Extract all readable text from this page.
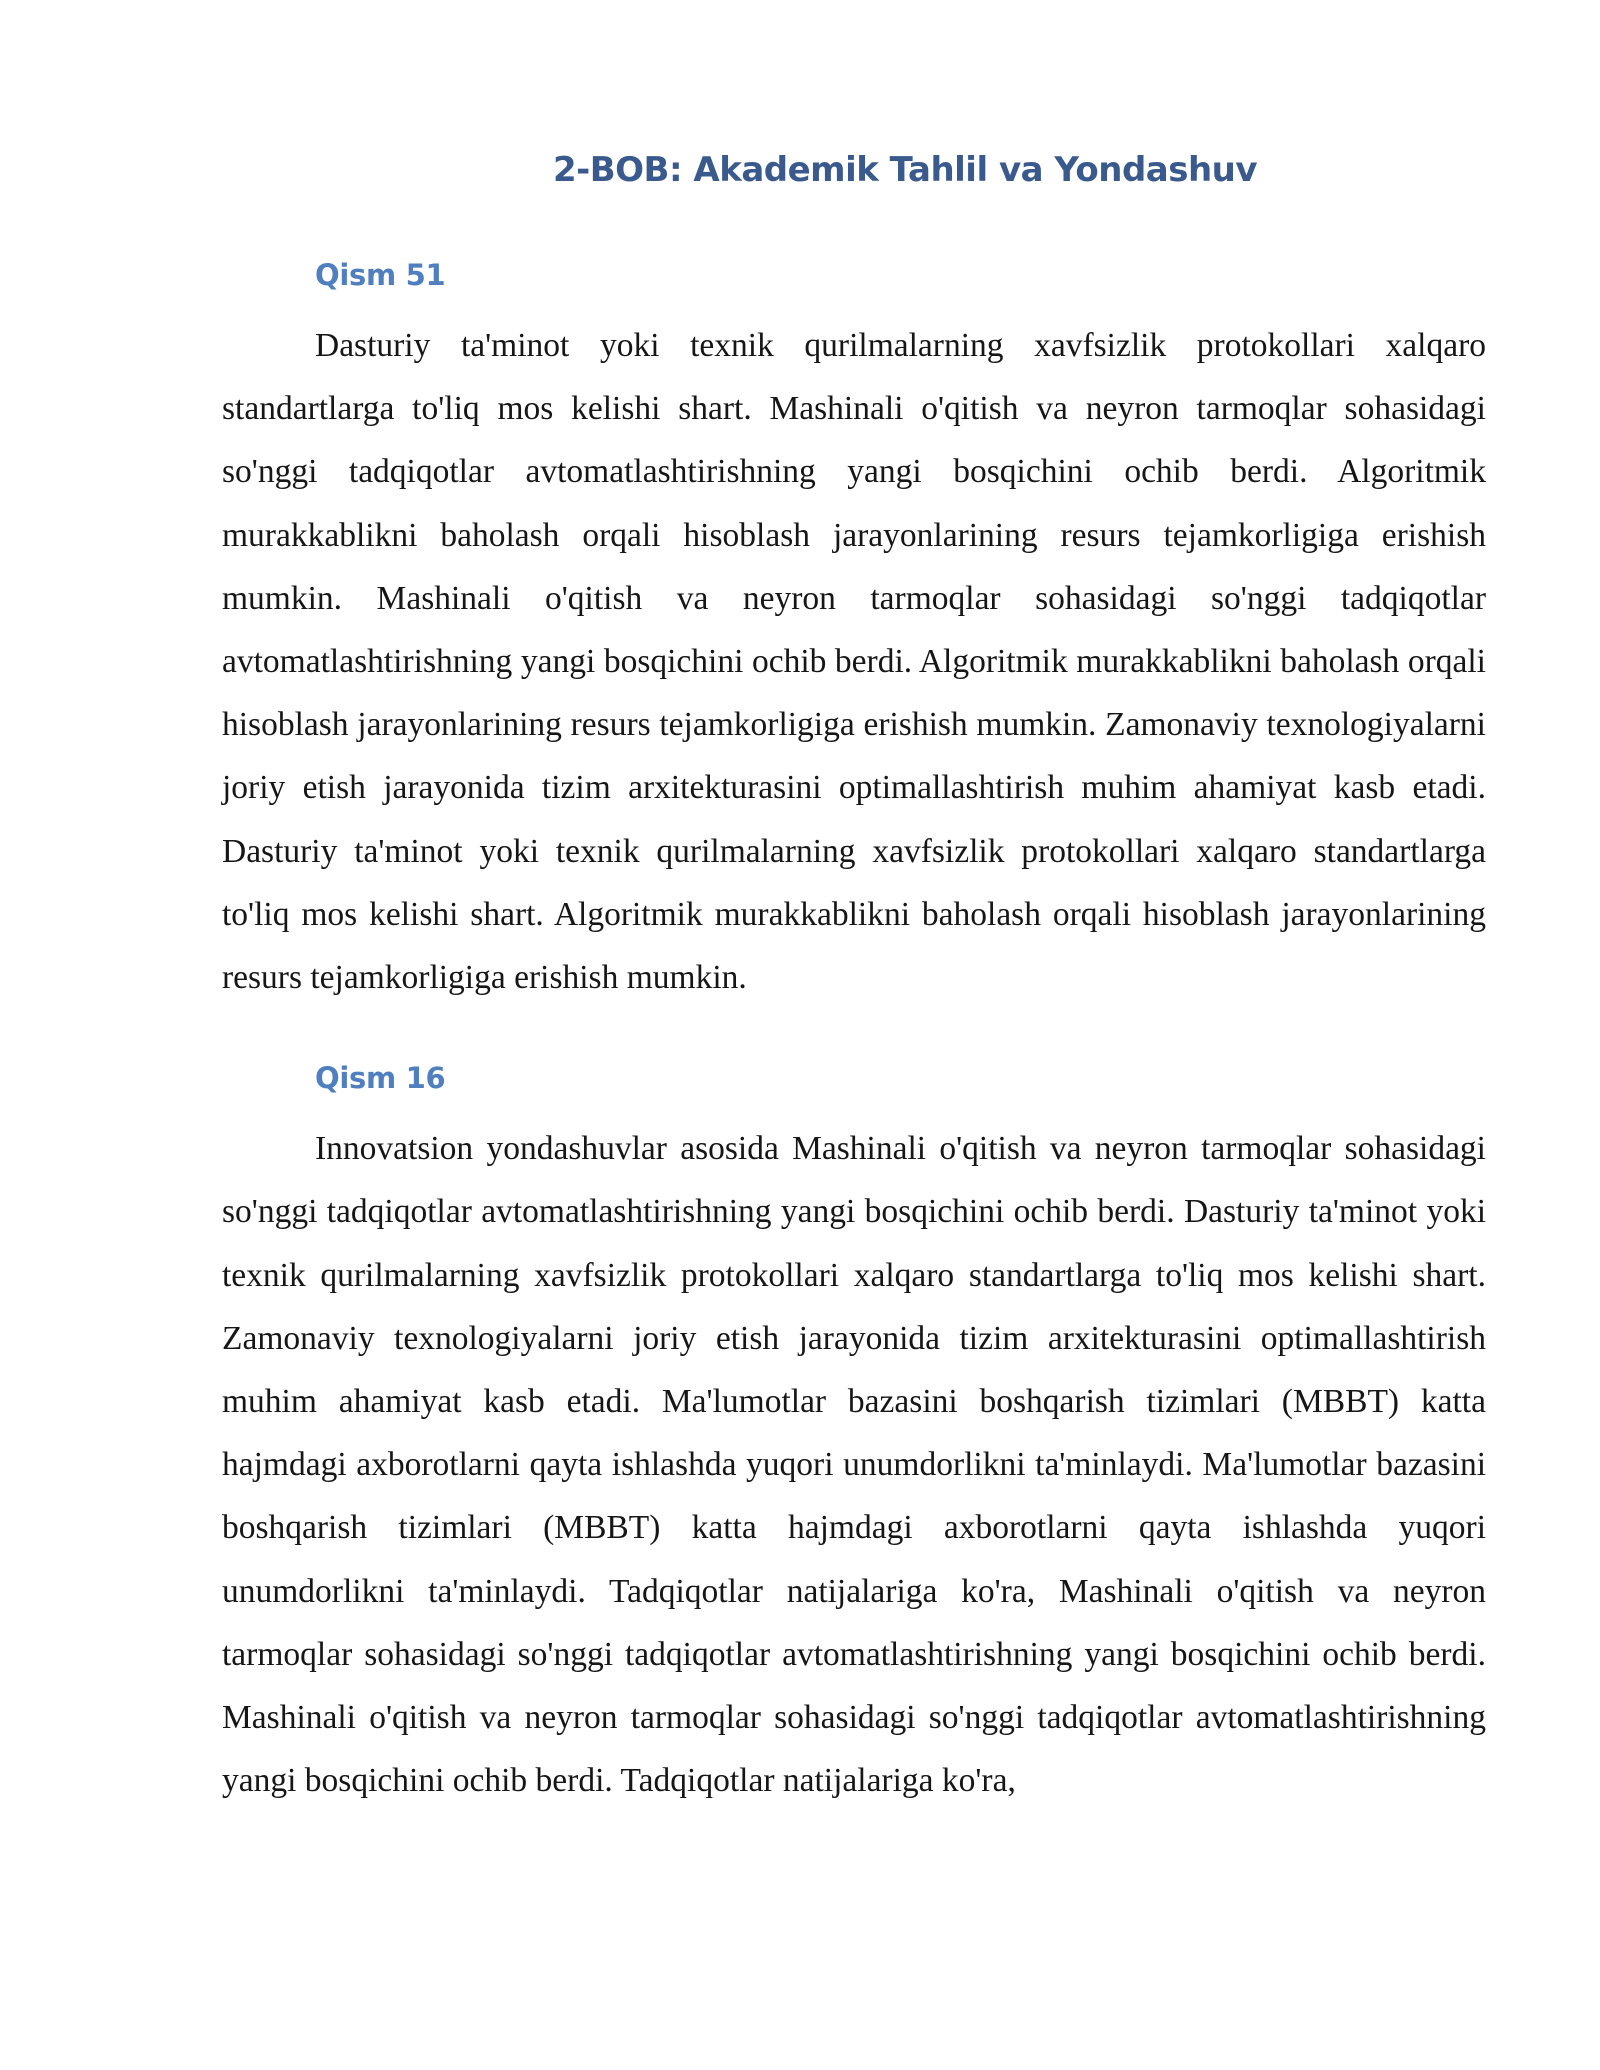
2-BOB: Akademik Tahlil va Yondashuv
Qism 51

Dasturiy ta'minot yoki texnik qurilmalarning xavfsizlik protokollari xalqaro standartlarga to'liq mos kelishi shart. Mashinali o'qitish va neyron tarmoqlar sohasidagi so'nggi tadqiqotlar avtomatlashtirishning yangi bosqichini ochib berdi. Algoritmik murakkablikni baholash orqali hisoblash jarayonlarining resurs tejamkorligiga erishish mumkin. Mashinali o'qitish va neyron tarmoqlar sohasidagi so'nggi tadqiqotlar avtomatlashtirishning yangi bosqichini ochib berdi. Algoritmik murakkablikni baholash orqali hisoblash jarayonlarining resurs tejamkorligiga erishish mumkin. Zamonaviy texnologiyalarni joriy etish jarayonida tizim arxitekturasini optimallashtirish muhim ahamiyat kasb etadi. Dasturiy ta'minot yoki texnik qurilmalarning xavfsizlik protokollari xalqaro standartlarga to'liq mos kelishi shart. Algoritmik murakkablikni baholash orqali hisoblash jarayonlarining resurs tejamkorligiga erishish mumkin.

Qism 16

Innovatsion yondashuvlar asosida Mashinali o'qitish va neyron tarmoqlar sohasidagi so'nggi tadqiqotlar avtomatlashtirishning yangi bosqichini ochib berdi. Dasturiy ta'minot yoki texnik qurilmalarning xavfsizlik protokollari xalqaro standartlarga to'liq mos kelishi shart. Zamonaviy texnologiyalarni joriy etish jarayonida tizim arxitekturasini optimallashtirish muhim ahamiyat kasb etadi. Ma'lumotlar bazasini boshqarish tizimlari (MBBT) katta hajmdagi axborotlarni qayta ishlashda yuqori unumdorlikni ta'minlaydi. Ma'lumotlar bazasini boshqarish tizimlari (MBBT) katta hajmdagi axborotlarni qayta ishlashda yuqori unumdorlikni ta'minlaydi. Tadqiqotlar natijalariga ko'ra, Mashinali o'qitish va neyron tarmoqlar sohasidagi so'nggi tadqiqotlar avtomatlashtirishning yangi bosqichini ochib berdi. Mashinali o'qitish va neyron tarmoqlar sohasidagi so'nggi tadqiqotlar avtomatlashtirishning yangi bosqichini ochib berdi. Tadqiqotlar natijalariga ko'ra,
